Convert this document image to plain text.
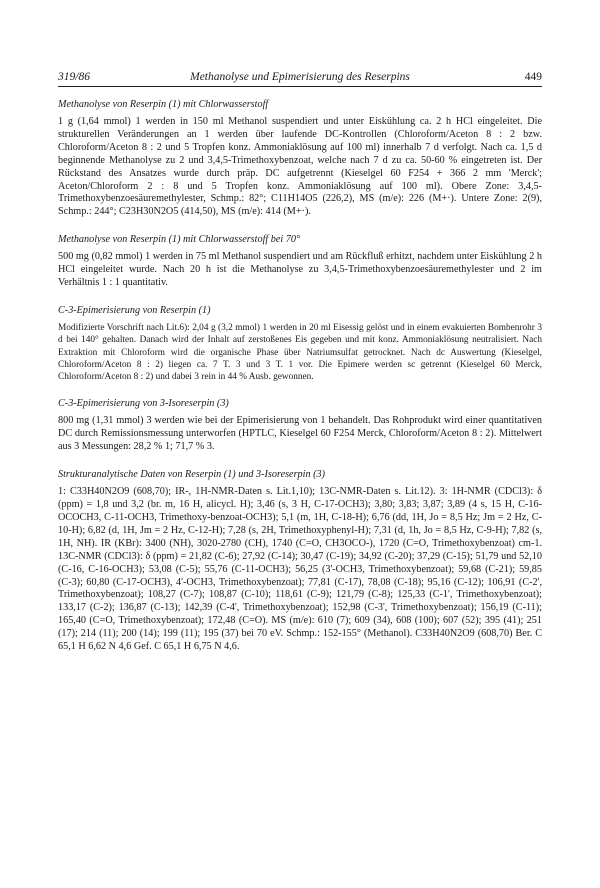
319/86	Methanolyse und Epimerisierung des Reserpins	449

Methanolyse von Reserpin (1) mit Chlorwasserstoff

1 g (1,64 mmol) 1 werden in 150 ml Methanol suspendiert und unter Eiskühlung ca. 2 h HCl eingeleitet. Die strukturellen Veränderungen an 1 werden über laufende DC-Kontrollen (Chloroform/Aceton 8 : 2 bzw. Chloroform/Aceton 8 : 2 und 5 Tropfen konz. Ammoniaklösung auf 100 ml) innerhalb 7 d verfolgt. Nach ca. 1,5 d beginnende Methanolyse zu 2 und 3,4,5-Trimethoxybenzoat, welche nach 7 d zu ca. 50-60 % eingetreten ist. Der Rückstand des Ansatzes wurde durch präp. DC aufgetrennt (Kieselgel 60 F254 + 366 2 mm 'Merck'; Aceton/Chloroform 2 : 8 und 5 Tropfen konz. Ammoniaklösung auf 100 ml). Obere Zone: 3,4,5-Trimethoxybenzoesäuremethylester, Schmp.: 82°; C11H14O5 (226,2), MS (m/e): 226 (M+·). Untere Zone: 2(9), Schmp.: 244°; C23H30N2O5 (414,50), MS (m/e): 414 (M+·).

Methanolyse von Reserpin (1) mit Chlorwasserstoff bei 70°

500 mg (0,82 mmol) 1 werden in 75 ml Methanol suspendiert und am Rückfluß erhitzt, nachdem unter Eiskühlung 2 h HCl eingeleitet wurde. Nach 20 h ist die Methanolyse zu 3,4,5-Trimethoxybenzoesäuremethylester und 2 im Verhältnis 1 : 1 quantitativ.

C-3-Epimerisierung von Reserpin (1)

Modifizierte Vorschrift nach Lit.6): 2,04 g (3,2 mmol) 1 werden in 20 ml Eisessig gelöst und in einem evakuierten Bombenrohr 3 d bei 140° gehalten. Danach wird der Inhalt auf zerstoßenes Eis gegeben und mit konz. Ammoniaklösung neutralisiert. Nach Extraktion mit Chloroform wird die organische Phase über Natriumsulfat getrocknet. Nach dc Auswertung (Kieselgel, Chloroform/Aceton 8 : 2) liegen ca. 7 T. 3 und 3 T. 1 vor. Die Epimere werden sc getrennt (Kieselgel 60 Merck, Chloroform/Aceton 8 : 2) und dabei 3 rein in 44 % Ausb. gewonnen.

C-3-Epimerisierung von 3-Isoreserpin (3)

800 mg (1,31 mmol) 3 werden wie bei der Epimerisierung von 1 behandelt. Das Rohprodukt wird einer quantitativen DC durch Remissionsmessung unterworfen (HPTLC, Kieselgel 60 F254 Merck, Chloroform/Aceton 8 : 2). Mittelwert aus 3 Messungen: 28,2 % 1; 71,7 % 3.

Strukturanalytische Daten von Reserpin (1) und 3-Isoreserpin (3)

1: C33H40N2O9 (608,70); IR-, 1H-NMR-Daten s. Lit.1,10); 13C-NMR-Daten s. Lit.12). 3: 1H-NMR (CDCl3): δ (ppm) = 1,8 und 3,2 (br. m, 16 H, alicycl. H); 3,46 (s, 3 H, C-17-OCH3); 3,80; 3,83; 3,87; 3,89 (4 s, 15 H, C-16-OCOCH3, C-11-OCH3, Trimethoxy-benzoat-OCH3); 5,1 (m, 1H, C-18-H); 6,76 (dd, 1H, Jo = 8,5 Hz; Jm = 2 Hz, C-10-H); 6,82 (d, 1H, Jm = 2 Hz, C-12-H); 7,28 (s, 2H, Trimethoxyphenyl-H); 7,31 (d, 1h, Jo = 8,5 Hz, C-9-H); 7,82 (s, 1H, NH). IR (KBr): 3400 (NH), 3020-2780 (CH), 1740 (C=O, CH3OCO-), 1720 (C=O, Trimethoxybenzoat) cm-1. 13C-NMR (CDCl3): δ (ppm) = 21,82 (C-6); 27,92 (C-14); 30,47 (C-19); 34,92 (C-20); 37,29 (C-15); 51,79 und 52,10 (C-16, C-16-OCH3); 53,08 (C-5); 55,76 (C-11-OCH3); 56,25 (3'-OCH3, Trimethoxybenzoat); 59,68 (C-21); 59,85 (C-3); 60,80 (C-17-OCH3), 4'-OCH3, Trimethoxybenzoat); 77,81 (C-17), 78,08 (C-18); 95,16 (C-12); 106,91 (C-2', Trimethoxybenzoat); 108,27 (C-7); 108,87 (C-10); 118,61 (C-9); 121,79 (C-8); 125,33 (C-1', Trimethoxybenzoat); 133,17 (C-2); 136,87 (C-13); 142,39 (C-4', Trimethoxybenzoat); 152,98 (C-3', Trimethoxybenzoat); 156,19 (C-11); 165,40 (C=O, Trimethoxybenzoat); 172,48 (C=O). MS (m/e): 610 (7); 609 (34), 608 (100); 607 (52); 395 (41); 251 (17); 214 (11); 200 (14); 199 (11); 195 (37) bei 70 eV. Schmp.: 152-155° (Methanol). C33H40N2O9 (608,70) Ber. C 65,1 H 6,62 N 4,6 Gef. C 65,1 H 6,75 N 4,6.
